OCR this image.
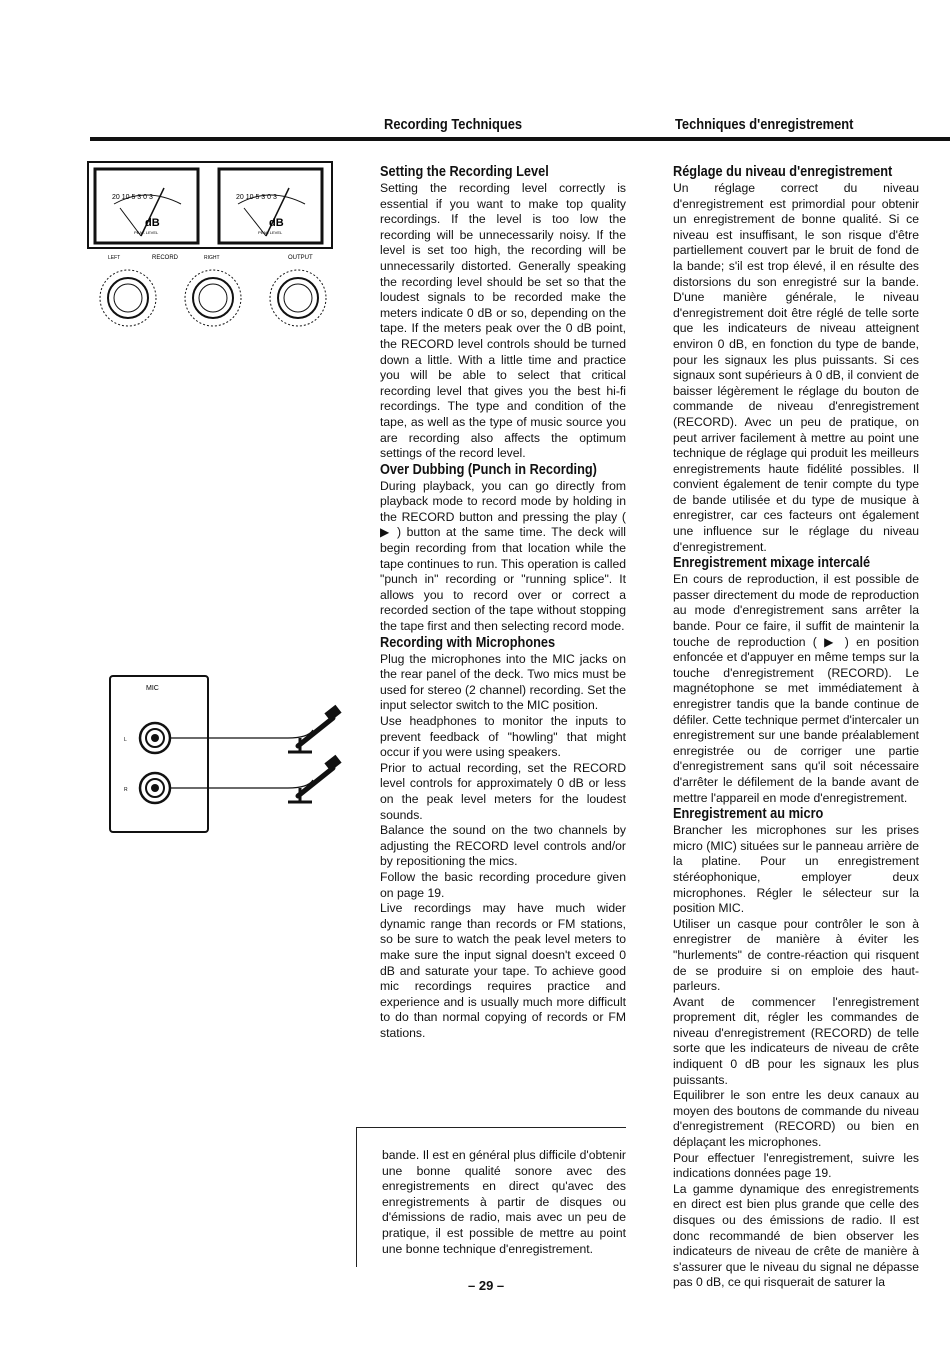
Recording Techniques	Techniques d'enregistrement
20 10 5 3 0 3
dB
PEAK LEVEL
20 10 5 3 0 3
dB
PEAK LEVEL
LEFT	RECORD	RIGHT	OUTPUT
MIC
L
R
Setting the Recording Level

Setting the recording level correctly is essential if you want to make top quality recordings. If the level is too low the recording will be unnecessarily noisy. If the level is set too high, the recording will be unnecessarily distorted. Generally speaking the recording level should be set so that the loudest signals to be recorded make the meters indicate 0 dB or so, depending on the tape. If the meters peak over the 0 dB point, the RECORD level controls should be turned down a little. With a little time and practice you will be able to select that critical recording level that gives you the best hi-fi recordings. The type and condition of the tape, as well as the type of music source you are recording also affects the optimum settings of the record level.

Over Dubbing (Punch in Recording)

During playback, you can go directly from playback mode to record mode by holding in the RECORD button and pressing the play ( ▶ ) button at the same time. The deck will begin recording from that location while the tape continues to run. This operation is called "punch in" recording or "running splice". It allows you to record over or correct a recorded section of the tape without stopping the tape first and then selecting record mode.

Recording with Microphones

Plug the microphones into the MIC jacks on the rear panel of the deck. Two mics must be used for stereo (2 channel) recording. Set the input selector switch to the MIC position.

Use headphones to monitor the inputs to prevent feedback of "howling" that might occur if you were using speakers.

Prior to actual recording, set the RECORD level controls for approximately 0 dB or less on the peak level meters for the loudest sounds.

Balance the sound on the two channels by adjusting the RECORD level controls and/or by repositioning the mics.

Follow the basic recording procedure given on page 19.

Live recordings may have much wider dynamic range than records or FM stations, so be sure to watch the peak level meters to make sure the input signal doesn't exceed 0 dB and saturate your tape. To achieve good mic recordings requires practice and experience and is usually much more difficult to do than normal copying of records or FM stations.

Réglage du niveau d'enregistrement

Un réglage correct du niveau d'enregistrement est primordial pour obtenir un enregistrement de bonne qualité. Si ce niveau est insuffisant, le son risque d'être partiellement couvert par le bruit de fond de la bande; s'il est trop élevé, il en résulte des distorsions du son enregistré sur la bande. D'une manière générale, le niveau d'enregistrement doit être réglé de telle sorte que les indicateurs de niveau atteignent environ 0 dB, en fonction du type de bande, pour les signaux les plus puissants. Si ces signaux sont supérieurs à 0 dB, il convient de baisser légèrement le réglage du bouton de commande de niveau d'enregistrement (RECORD). Avec un peu de pratique, on peut arriver facilement à mettre au point une technique de réglage qui produit les meilleurs enregistrements haute fidélité possibles. Il convient également de tenir compte du type de bande utilisée et du type de musique à enregistrer, car ces facteurs ont également une influence sur le réglage du niveau d'enregistrement.

Enregistrement mixage intercalé

En cours de reproduction, il est possible de passer directement du mode de reproduction au mode d'enregistrement sans arrêter la bande. Pour ce faire, il suffit de maintenir la touche de reproduction ( ▶ ) en position enfoncée et d'appuyer en même temps sur la touche d'enregistrement (RECORD). Le magnétophone se met immédiatement à enregistrer tandis que la bande continue de défiler. Cette technique permet d'intercaler un enregistrement sur une bande préalablement enregistrée ou de corriger une partie d'enregistrement sans qu'il soit nécessaire d'arrêter le défilement de la bande avant de mettre l'appareil en mode d'enregistrement.

Enregistrement au micro

Brancher les microphones sur les prises micro (MIC) situées sur le panneau arrière de la platine. Pour un enregistrement stéréophonique, employer deux microphones. Régler le sélecteur sur la position MIC.

Utiliser un casque pour contrôler le son à enregistrer de manière à éviter les "hurlements" de contre-réaction qui risquent de se produire si on emploie des haut-parleurs.

Avant de commencer l'enregistrement proprement dit, régler les commandes de niveau d'enregistrement (RECORD) de telle sorte que les indicateurs de niveau de crête indiquent 0 dB pour les signaux les plus puissants.

Equilibrer le son entre les deux canaux au moyen des boutons de commande du niveau d'enregistrement (RECORD) ou bien en déplaçant les microphones.

Pour effectuer l'enregistrement, suivre les indications données page 19.

La gamme dynamique des enregistrements en direct est bien plus grande que celle des disques ou des émissions de radio. Il est donc recommandé de bien observer les indicateurs de niveau de crête de manière à s'assurer que le niveau du signal ne dépasse pas 0 dB, ce qui risquerait de saturer la

bande. Il est en général plus difficile d'obtenir une bonne qualité sonore avec des enregistrements en direct qu'avec des enregistrements à partir de disques ou d'émissions de radio, mais avec un peu de pratique, il est possible de mettre au point une bonne technique d'enregistrement.

– 29 –
